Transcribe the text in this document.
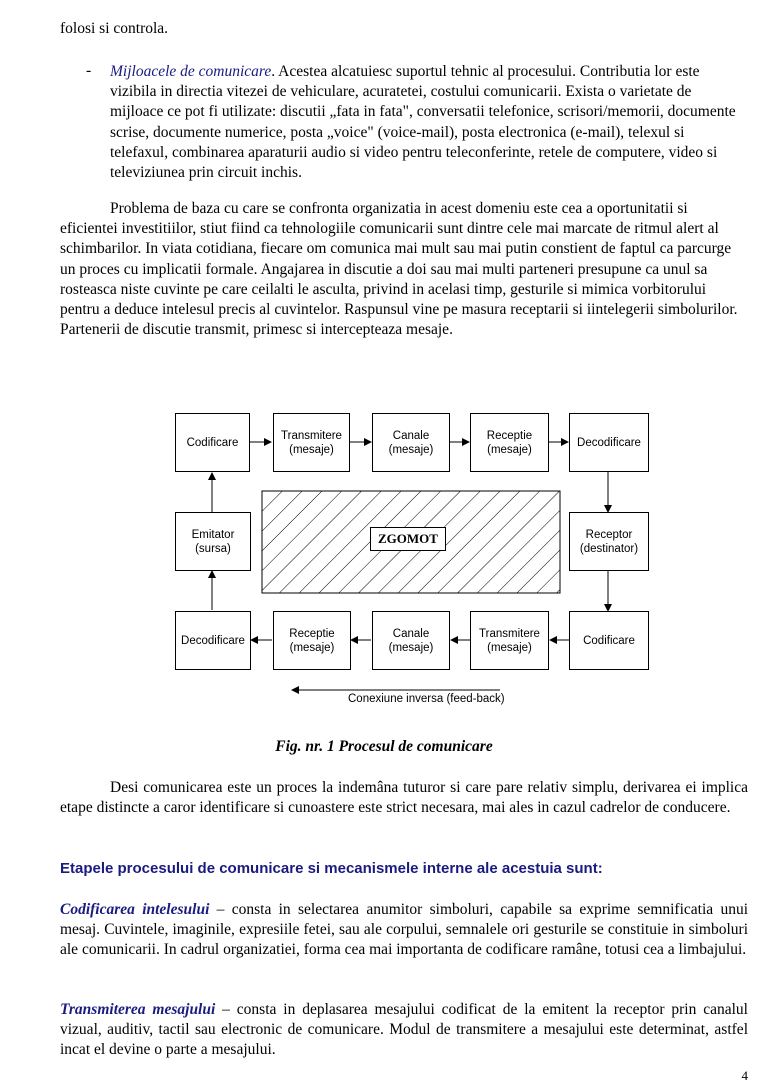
folosi si controla.

- Mijloacele de comunicare. Acestea alcatuiesc suportul tehnic al procesului. Contributia lor este vizibila in directia vitezei de vehiculare, acuratetei, costului comunicarii. Exista o varietate de mijloace ce pot fi utilizate: discutii „fata in fata", conversatii telefonice, scrisori/memorii, documente scrise, documente numerice, posta „voice" (voice-mail), posta electronica (e-mail), telexul si telefaxul, combinarea aparaturii audio si video pentru teleconferinte, retele de computere, video si televiziunea prin circuit inchis.

Problema de baza cu care se confronta organizatia in acest domeniu este cea a oportunitatii si eficientei investitiilor, stiut fiind ca tehnologiile comunicarii sunt dintre cele mai marcate de ritmul alert al schimbarilor. In viata cotidiana, fiecare om comunica mai mult sau mai putin constient de faptul ca parcurge un proces cu implicatii formale. Angajarea in discutie a doi sau mai multi parteneri presupune ca unul sa rosteasca niste cuvinte pe care ceilalti le asculta, privind in acelasi timp, gesturile si mimica vorbitorului pentru a deduce intelesul precis al cuvintelor. Raspunsul vine pe masura receptarii si iintelegerii simbolurilor. Partenerii de discutie transmit, primesc si intercepteaza mesaje.

ZGOMOT
Codificare
Transmitere
(mesaje)
Canale
(mesaje)
Receptie
(mesaje)
Decodificare
Emitator
(sursa)
Receptor
(destinator)
Decodificare
Receptie
(mesaje)
Canale
(mesaje)
Transmitere
(mesaje)
Codificare
Conexiune inversa (feed-back)

Fig. nr. 1 Procesul de comunicare

Desi comunicarea este un proces la indemâna tuturor si care pare relativ simplu, derivarea ei implica etape distincte a caror identificare si cunoastere este strict necesara, mai ales in cazul cadrelor de conducere.

Etapele procesului de comunicare si mecanismele interne ale acestuia sunt:

Codificarea intelesului – consta in selectarea anumitor simboluri, capabile sa exprime semnificatia unui mesaj. Cuvintele, imaginile, expresiile fetei, sau ale corpului, semnalele ori gesturile se constituie in simboluri ale comunicarii. In cadrul organizatiei, forma cea mai importanta de codificare ramâne, totusi cea a limbajului.

Transmiterea mesajului – consta in deplasarea mesajului codificat de la emitent la receptor prin canalul vizual, auditiv, tactil sau electronic de comunicare. Modul de transmitere a mesajului este determinat, astfel incat el devine o parte a mesajului.

4
